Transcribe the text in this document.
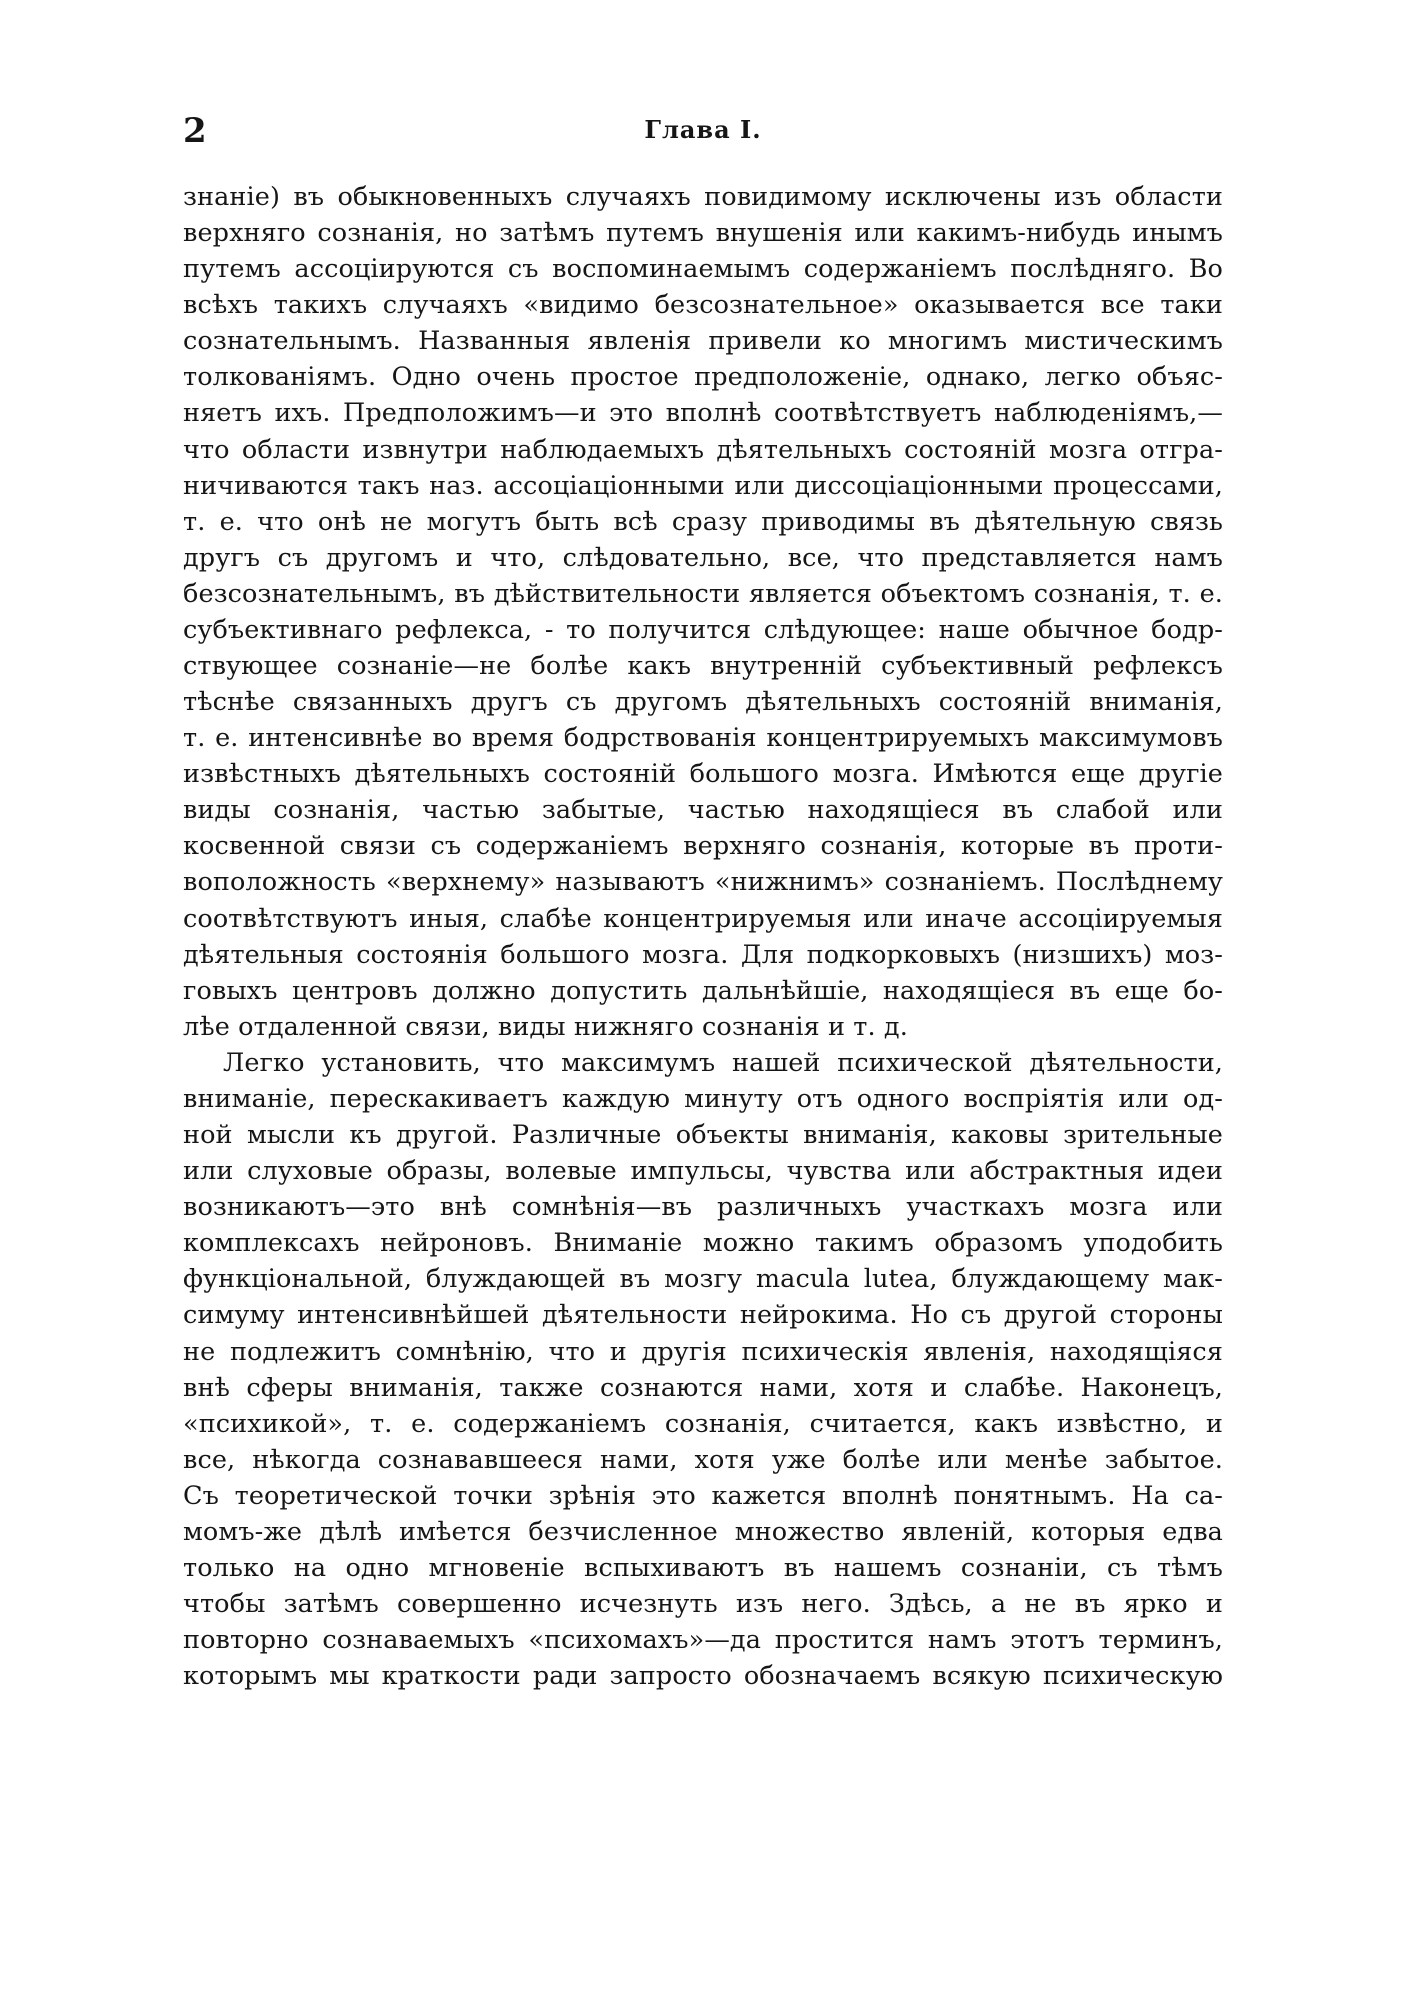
2	Глава I.
знаніе) въ обыкновенныхъ случаяхъ повидимому исключены изъ области
верхняго сознанія, но затѣмъ путемъ внушенія или какимъ-нибудь инымъ
путемъ ассоціируются съ воспоминаемымъ содержаніемъ послѣдняго. Во
всѣхъ такихъ случаяхъ «видимо безсознательное» оказывается все таки
сознательнымъ. Названныя явленія привели ко многимъ мистическимъ
толкованіямъ. Одно очень простое предположеніе, однако, легко объяс-
няетъ ихъ. Предположимъ—и это вполнѣ соотвѣтствуетъ наблюденіямъ,—
что области извнутри наблюдаемыхъ дѣятельныхъ состояній мозга отгра-
ничиваются такъ наз. ассоціаціонными или диссоціаціонными процессами,
т. е. что онѣ не могутъ быть всѣ сразу приводимы въ дѣятельную связь
другъ съ другомъ и что, слѣдовательно, все, что представляется намъ
безсознательнымъ, въ дѣйствительности является объектомъ сознанія, т. е.
субъективнаго рефлекса, - то получится слѣдующее: наше обычное бодр-
ствующее сознаніе—не болѣе какъ внутренній субъективный рефлексъ
тѣснѣе связанныхъ другъ съ другомъ дѣятельныхъ состояній вниманія,
т. е. интенсивнѣе во время бодрствованія концентрируемыхъ максимумовъ
извѣстныхъ дѣятельныхъ состояній большого мозга. Имѣются еще другіе
виды сознанія, частью забытые, частью находящіеся въ слабой или
косвенной связи съ содержаніемъ верхняго сознанія, которые въ проти-
воположность «верхнему» называютъ «нижнимъ» сознаніемъ. Послѣднему
соотвѣтствуютъ иныя, слабѣе концентрируемыя или иначе ассоціируемыя
дѣятельныя состоянія большого мозга. Для подкорковыхъ (низшихъ) моз-
говыхъ центровъ должно допустить дальнѣйшіе, находящіеся въ еще бо-
лѣе отдаленной связи, виды нижняго сознанія и т. д.
Легко установить, что максимумъ нашей психической дѣятельности,
вниманіе, перескакиваетъ каждую минуту отъ одного воспріятія или од-
ной мысли къ другой. Различные объекты вниманія, каковы зрительные
или слуховые образы, волевые импульсы, чувства или абстрактныя идеи
возникаютъ—это внѣ сомнѣнія—въ различныхъ участкахъ мозга или
комплексахъ нейроновъ. Вниманіе можно такимъ образомъ уподобить
функціональной, блуждающей въ мозгу macula lutea, блуждающему мак-
симуму интенсивнѣйшей дѣятельности нейрокима. Но съ другой стороны
не подлежитъ сомнѣнію, что и другія психическія явленія, находящіяся
внѣ сферы вниманія, также сознаются нами, хотя и слабѣе. Наконецъ,
«психикой», т. е. содержаніемъ сознанія, считается, какъ извѣстно, и
все, нѣкогда сознававшееся нами, хотя уже болѣе или менѣе забытое.
Съ теоретической точки зрѣнія это кажется вполнѣ понятнымъ. На са-
момъ-же дѣлѣ имѣется безчисленное множество явленій, которыя едва
только на одно мгновеніе вспыхиваютъ въ нашемъ сознаніи, съ тѣмъ
чтобы затѣмъ совершенно исчезнуть изъ него. Здѣсь, а не въ ярко и
повторно сознаваемыхъ «психомахъ»—да простится намъ этотъ терминъ,
которымъ мы краткости ради запросто обозначаемъ всякую психическую
